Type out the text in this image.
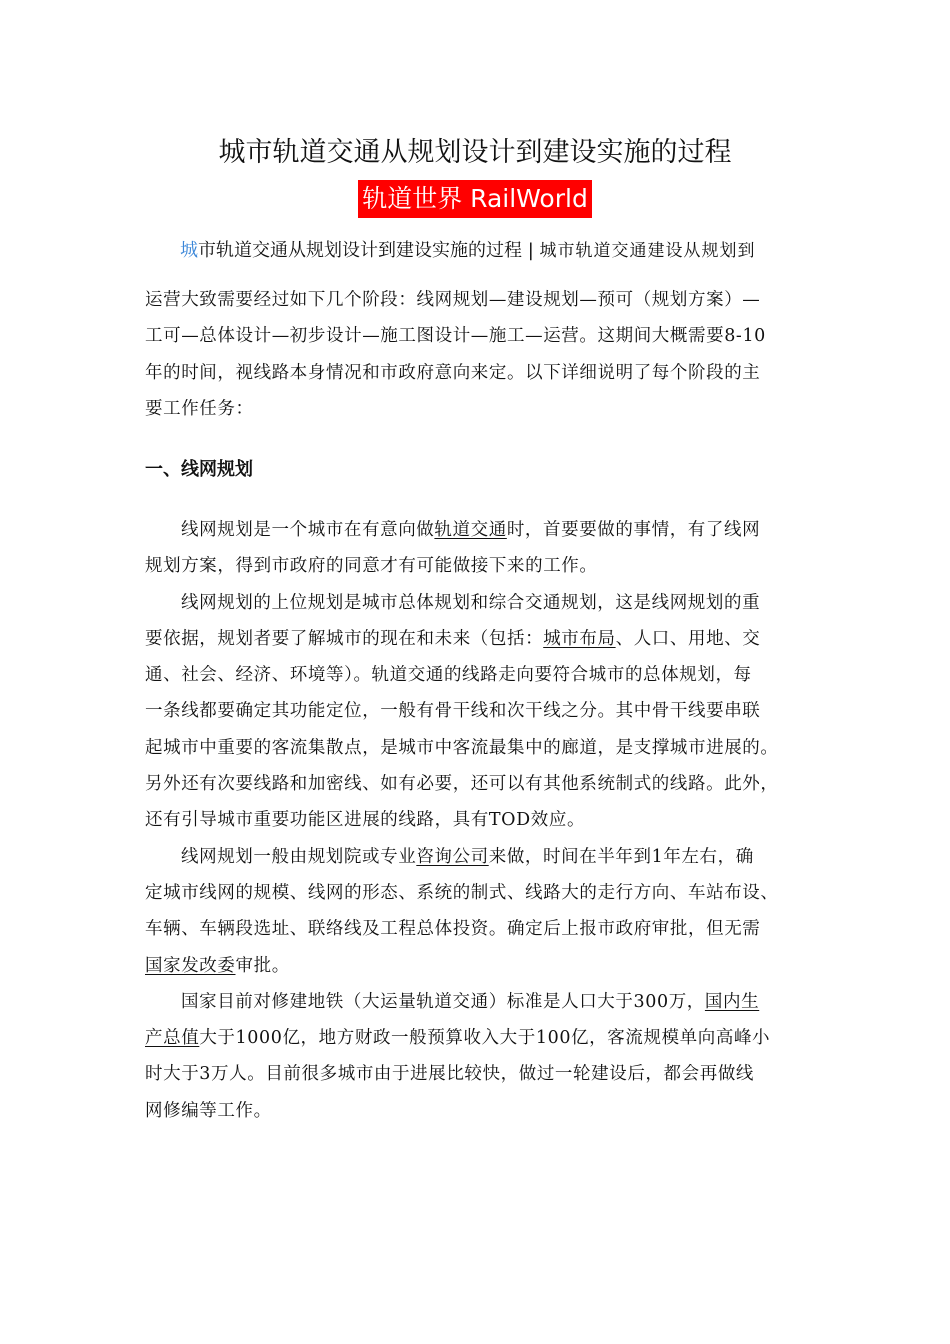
城市轨道交通从规划设计到建设实施的过程
轨道世界 RailWorld
城市轨道交通从规划设计到建设实施的过程 | 城市轨道交通建设从规划到
运营大致需要经过如下几个阶段：线网规划—建设规划—预可（规划方案）—
工可—总体设计—初步设计—施工图设计—施工—运营。这期间大概需要8-10
年的时间，视线路本身情况和市政府意向来定。以下详细说明了每个阶段的主
要工作任务：
一、线网规划
线网规划是一个城市在有意向做轨道交通时，首要要做的事情，有了线网
规划方案，得到市政府的同意才有可能做接下来的工作。
线网规划的上位规划是城市总体规划和综合交通规划，这是线网规划的重
要依据，规划者要了解城市的现在和未来（包括：城市布局、人口、用地、交
通、社会、经济、环境等）。轨道交通的线路走向要符合城市的总体规划，每
一条线都要确定其功能定位，一般有骨干线和次干线之分。其中骨干线要串联
起城市中重要的客流集散点，是城市中客流最集中的廊道，是支撑城市进展的。
另外还有次要线路和加密线、如有必要，还可以有其他系统制式的线路。此外，
还有引导城市重要功能区进展的线路，具有TOD效应。
线网规划一般由规划院或专业咨询公司来做，时间在半年到1年左右，确
定城市线网的规模、线网的形态、系统的制式、线路大的走行方向、车站布设、
车辆、车辆段选址、联络线及工程总体投资。确定后上报市政府审批，但无需
国家发改委审批。
国家目前对修建地铁（大运量轨道交通）标准是人口大于300万，国内生
产总值大于1000亿，地方财政一般预算收入大于100亿，客流规模单向高峰小
时大于3万人。目前很多城市由于进展比较快，做过一轮建设后，都会再做线
网修编等工作。
